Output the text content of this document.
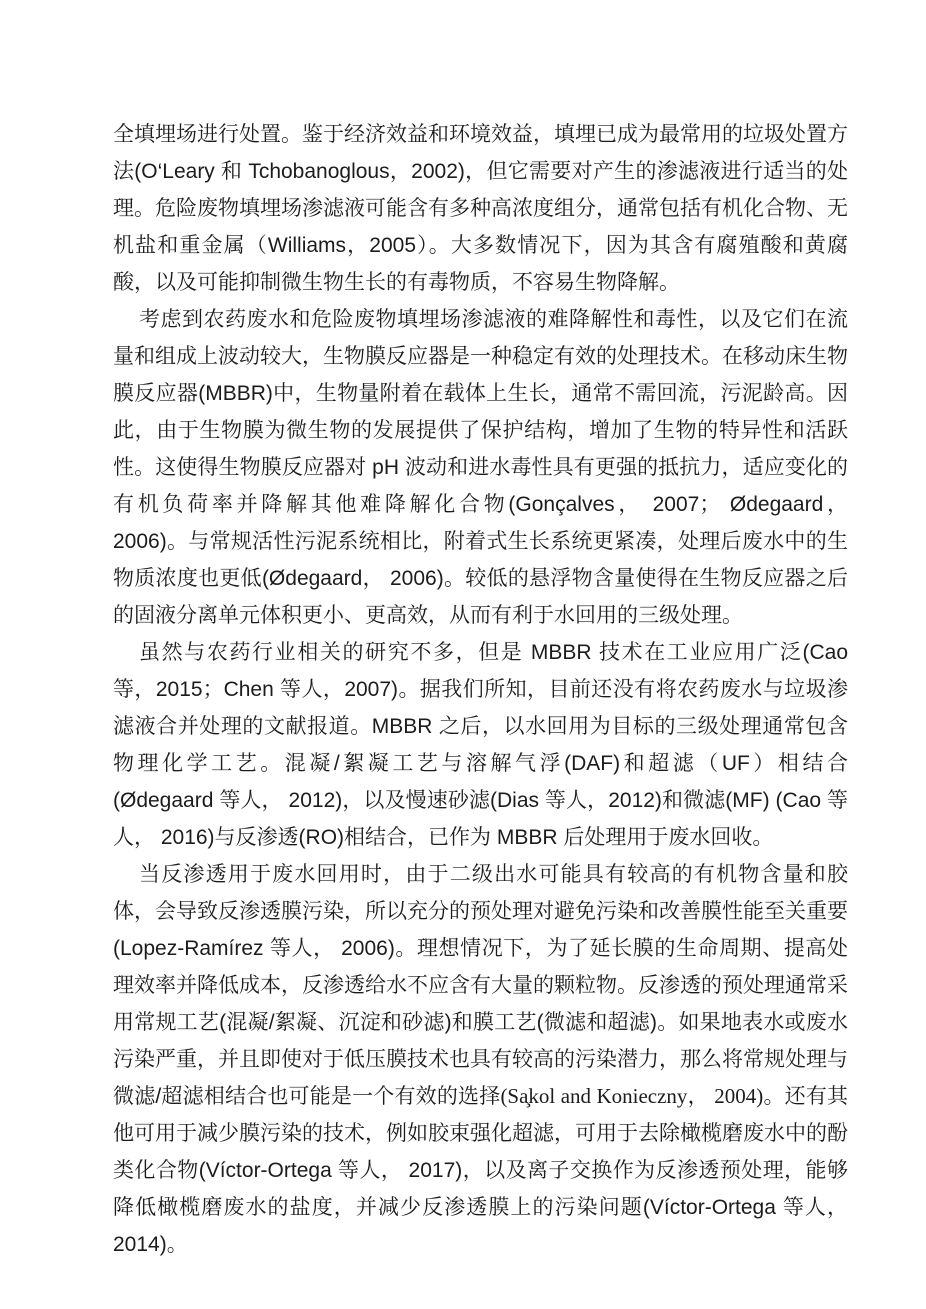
全填埋场进行处置。鉴于经济效益和环境效益，填埋已成为最常用的垃圾处置方法(O‘Leary 和 Tchobanoglous，2002)，但它需要对产生的渗滤液进行适当的处理。危险废物填埋场渗滤液可能含有多种高浓度组分，通常包括有机化合物、无机盐和重金属（Williams，2005）。大多数情况下，因为其含有腐殖酸和黄腐酸，以及可能抑制微生物生长的有毒物质，不容易生物降解。

考虑到农药废水和危险废物填埋场渗滤液的难降解性和毒性，以及它们在流量和组成上波动较大，生物膜反应器是一种稳定有效的处理技术。在移动床生物膜反应器(MBBR)中，生物量附着在载体上生长，通常不需回流，污泥龄高。因此，由于生物膜为微生物的发展提供了保护结构，增加了生物的特异性和活跃性。这使得生物膜反应器对 pH 波动和进水毒性具有更强的抵抗力，适应变化的有机负荷率并降解其他难降解化合物(Gonçalves， 2007； Ødegaard， 2006)。与常规活性污泥系统相比，附着式生长系统更紧凑，处理后废水中的生物质浓度也更低(Ødegaard， 2006)。较低的悬浮物含量使得在生物反应器之后的固液分离单元体积更小、更高效，从而有利于水回用的三级处理。

虽然与农药行业相关的研究不多，但是 MBBR 技术在工业应用广泛(Cao 等，2015；Chen 等人，2007)。据我们所知，目前还没有将农药废水与垃圾渗滤液合并处理的文献报道。MBBR 之后，以水回用为目标的三级处理通常包含物理化学工艺。混凝/絮凝工艺与溶解气浮(DAF)和超滤（UF）相结合(Ødegaard 等人， 2012)，以及慢速砂滤(Dias 等人，2012)和微滤(MF) (Cao 等人， 2016)与反渗透(RO)相结合，已作为 MBBR 后处理用于废水回收。

当反渗透用于废水回用时，由于二级出水可能具有较高的有机物含量和胶体，会导致反渗透膜污染，所以充分的预处理对避免污染和改善膜性能至关重要(Lopez-Ramírez 等人， 2006)。理想情况下，为了延长膜的生命周期、提高处理效率并降低成本，反渗透给水不应含有大量的颗粒物。反渗透的预处理通常采用常规工艺(混凝/絮凝、沉淀和砂滤)和膜工艺(微滤和超滤)。如果地表水或废水污染严重，并且即使对于低压膜技术也具有较高的污染潜力，那么将常规处理与微滤/超滤相结合也可能是一个有效的选择(Sa̧kol and Konieczny， 2004)。还有其他可用于减少膜污染的技术，例如胶束强化超滤，可用于去除橄榄磨废水中的酚类化合物(Víctor-Ortega 等人， 2017)，以及离子交换作为反渗透预处理，能够降低橄榄磨废水的盐度，并减少反渗透膜上的污染问题(Víctor-Ortega 等人， 2014)。
